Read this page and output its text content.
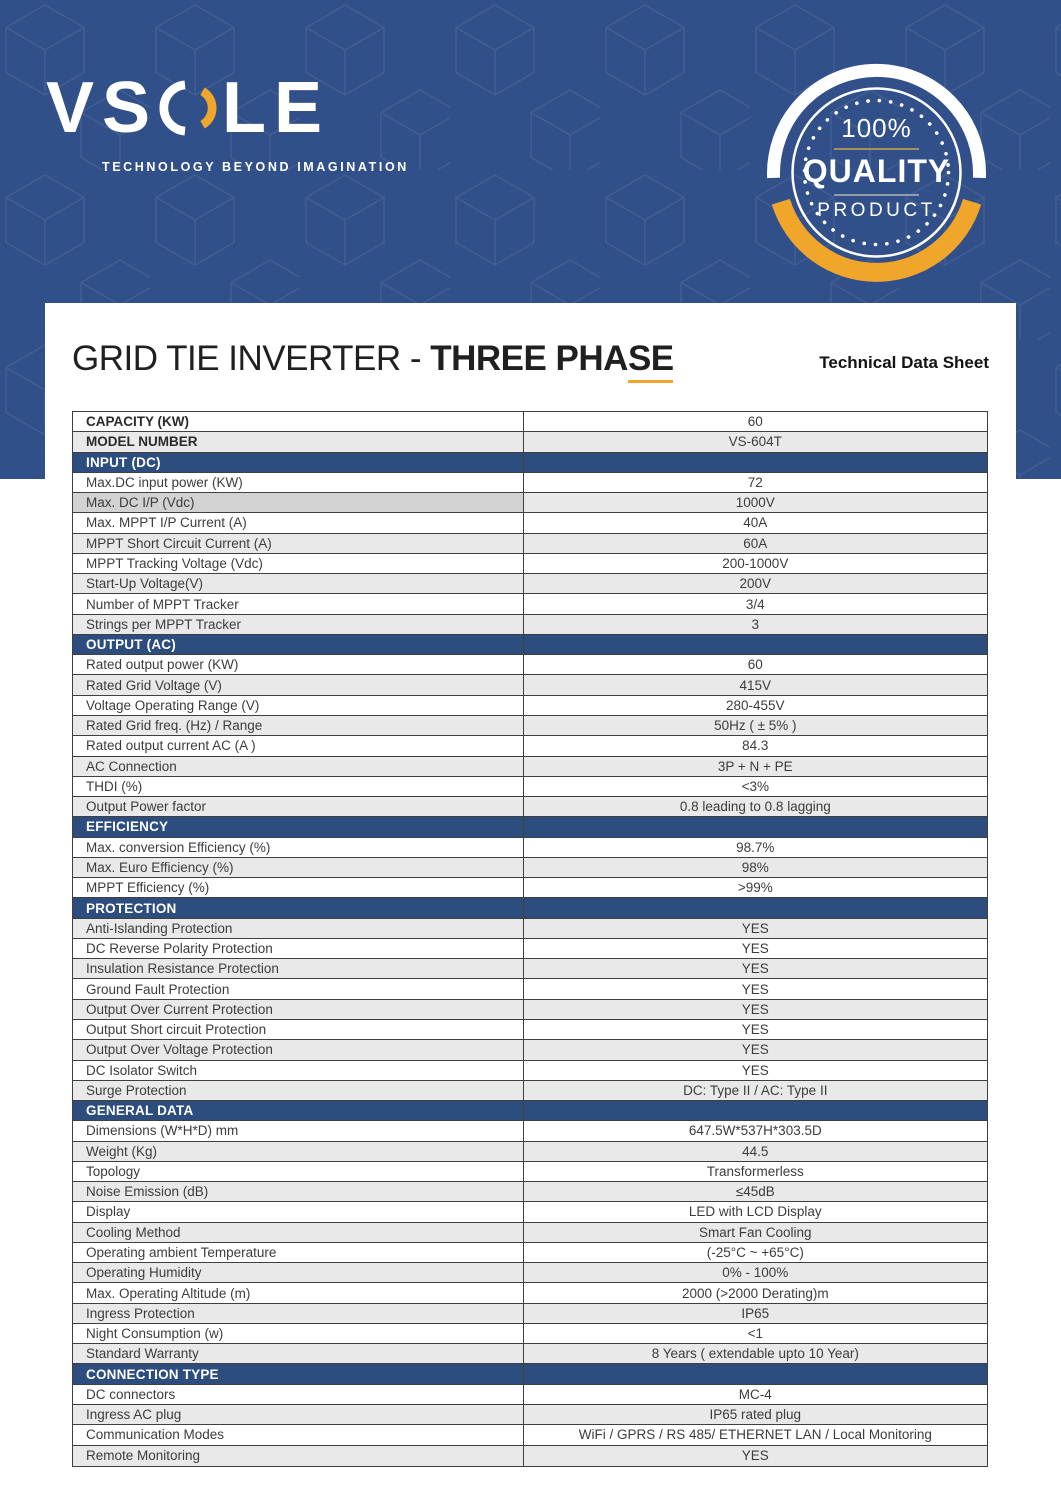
VS LE
TECHNOLOGY BEYOND IMAGINATION
100%
QUALITY
PRODUCT
GRID TIE INVERTER - THREE PHASE	Technical Data Sheet
CAPACITY (KW)	60
MODEL NUMBER	VS-604T
INPUT (DC)
Max.DC input power (KW)	72
Max. DC I/P (Vdc)	1000V
Max. MPPT I/P Current (A)	40A
MPPT Short Circuit Current (A)	60A
MPPT Tracking Voltage (Vdc)	200-1000V
Start-Up Voltage(V)	200V
Number of MPPT Tracker	3/4
Strings per MPPT Tracker	3
OUTPUT (AC)
Rated output power (KW)	60
Rated Grid Voltage (V)	415V
Voltage Operating Range (V)	280-455V
Rated Grid freq. (Hz) / Range	50Hz ( ± 5% )
Rated output current AC (A )	84.3
AC Connection	3P + N + PE
THDI (%)	<3%
Output Power factor	0.8 leading to 0.8 lagging
EFFICIENCY
Max. conversion Efficiency (%)	98.7%
Max. Euro Efficiency (%)	98%
MPPT Efficiency (%)	>99%
PROTECTION
Anti-Islanding Protection	YES
DC Reverse Polarity Protection	YES
Insulation Resistance Protection	YES
Ground Fault Protection	YES
Output Over Current Protection	YES
Output Short circuit Protection	YES
Output Over Voltage Protection	YES
DC Isolator Switch	YES
Surge Protection	DC: Type II / AC: Type II
GENERAL DATA
Dimensions (W*H*D) mm	647.5W*537H*303.5D
Weight (Kg)	44.5
Topology	Transformerless
Noise Emission (dB)	≤45dB
Display	LED with LCD Display
Cooling Method	Smart Fan Cooling
Operating ambient Temperature	(-25°C ~ +65°C)
Operating Humidity	0% - 100%
Max. Operating Altitude (m)	2000 (>2000 Derating)m
Ingress Protection	IP65
Night Consumption (w)	<1
Standard Warranty	8 Years ( extendable upto 10 Year)
CONNECTION TYPE
DC connectors	MC-4
Ingress AC plug	IP65 rated plug
Communication Modes	WiFi / GPRS / RS 485/ ETHERNET LAN / Local Monitoring
Remote Monitoring	YES
